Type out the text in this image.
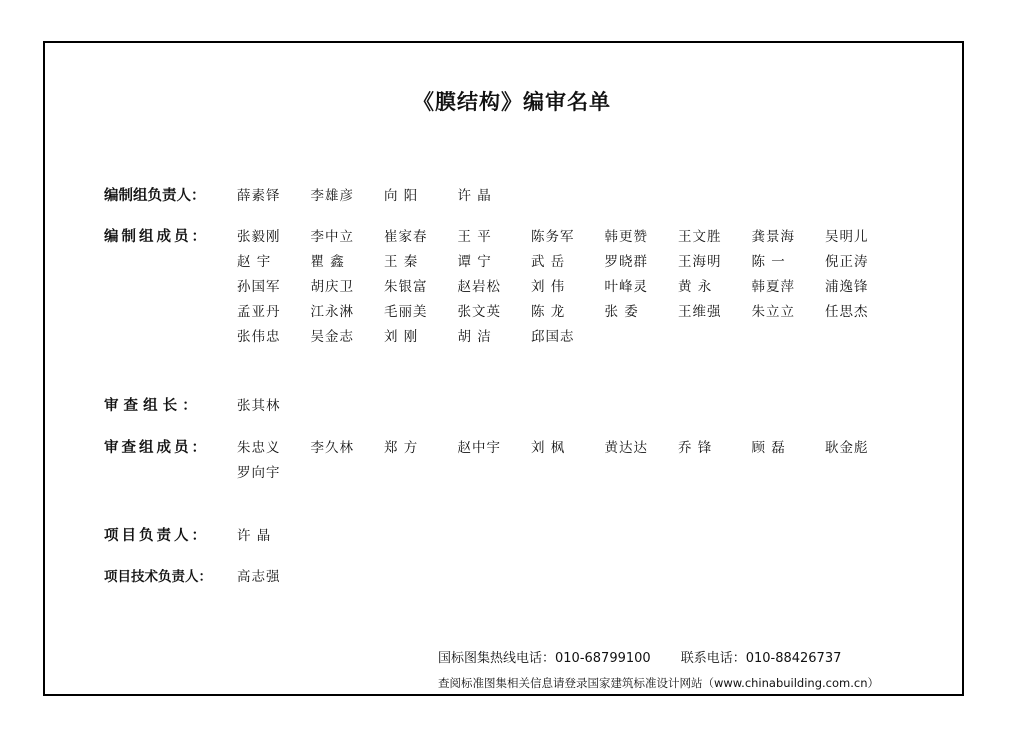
《膜结构》编审名单
编制组负责人：	薛素铎	李雄彦	向 阳	许 晶
编制组成员：	张毅刚	李中立	崔家春	王 平	陈务军	韩更赞	王文胜	龚景海	吴明儿
赵 宇	瞿 鑫	王 秦	谭 宁	武 岳	罗晓群	王海明	陈 一	倪正涛
孙国军	胡庆卫	朱银富	赵岩松	刘 伟	叶峰灵	黄 永	韩夏萍	浦逸锋
孟亚丹	江永淋	毛丽美	张文英	陈 龙	张 委	王维强	朱立立	任思杰
张伟忠	吴金志	刘 刚	胡 洁	邱国志
审 查 组 长 ：	张其林
审查组成员：	朱忠义	李久林	郑 方	赵中宇	刘 枫	黄达达	乔 锋	顾 磊	耿金彪
罗向宇
项目负责人：	许 晶
项目技术负责人：	高志强
国标图集热线电话：010-68799100 联系电话：010-88426737
查阅标准图集相关信息请登录国家建筑标准设计网站（www.chinabuilding.com.cn）
